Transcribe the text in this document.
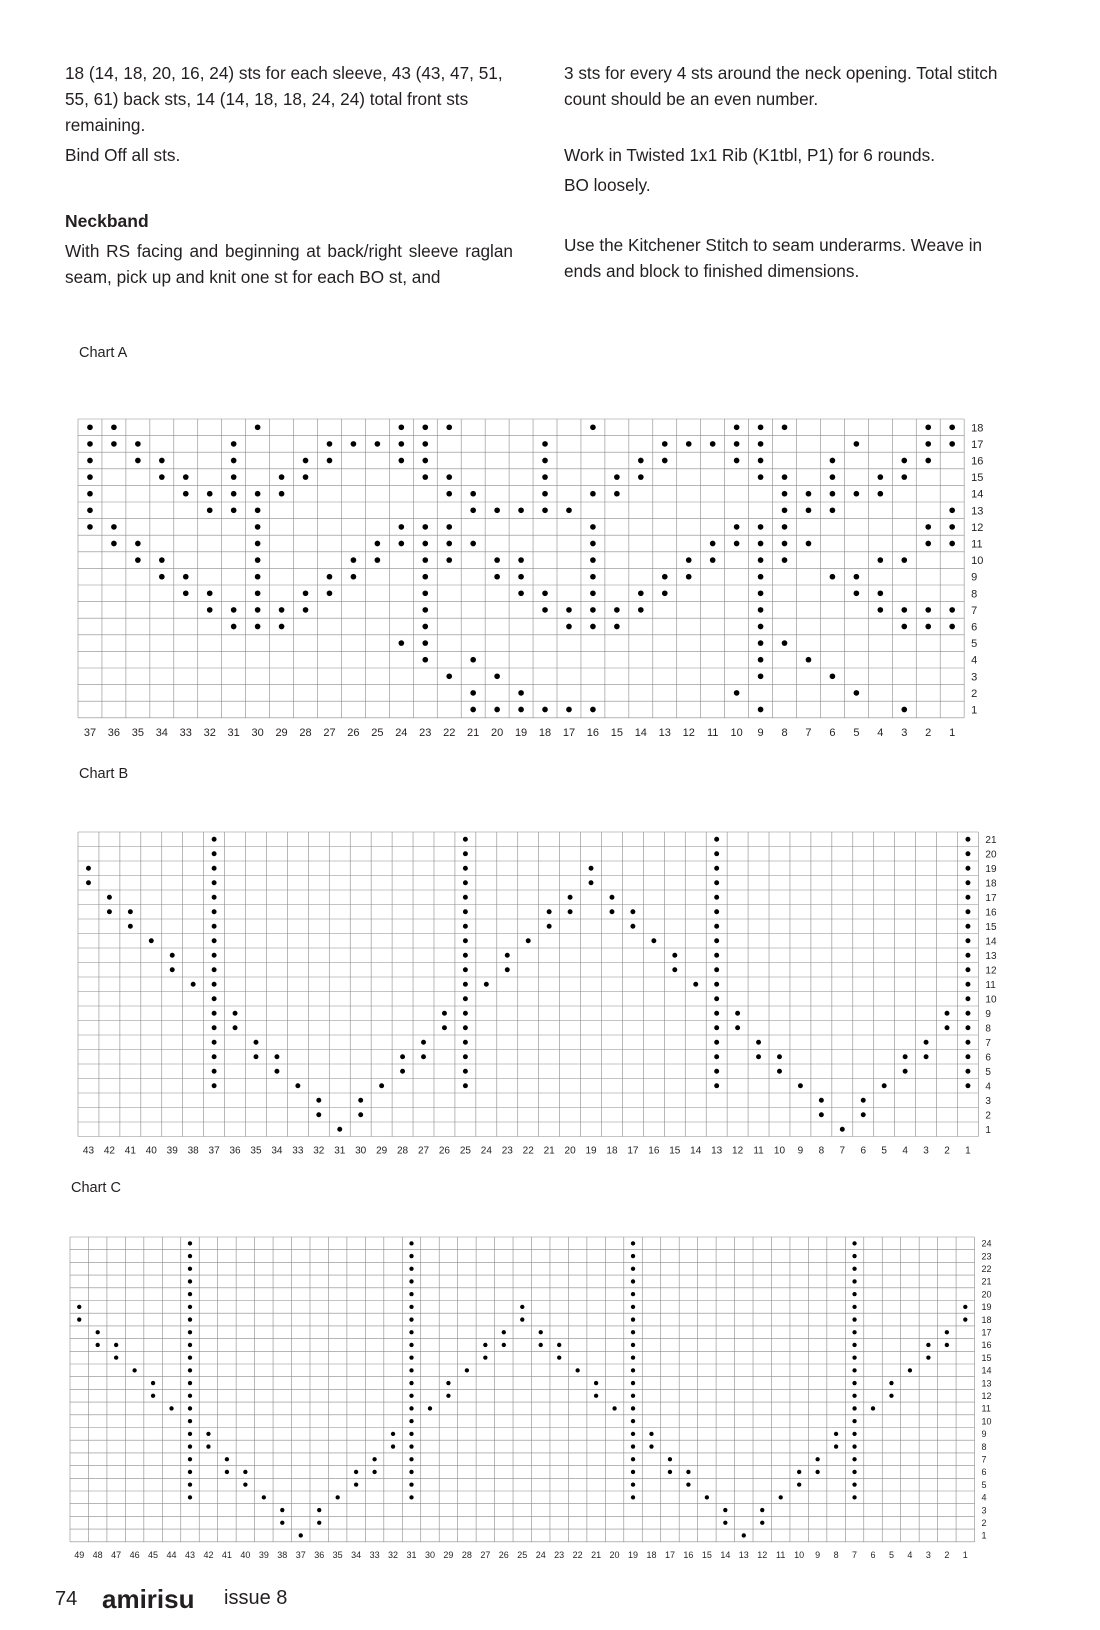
18 (14, 18, 20, 16, 24) sts for each sleeve, 43 (43, 47, 51, 55, 61) back sts, 14 (14, 18, 18, 24, 24) total front sts remaining.

Bind Off all sts.

Neckband

With RS facing and beginning at back/right sleeve raglan seam, pick up and knit one st for each BO st, and

3 sts for every 4 sts around the neck opening. Total stitch count should be an even number.

Work in Twisted 1x1 Rib (K1tbl, P1) for 6 rounds.

BO loosely.

Use the Kitchener Stitch to seam underarms. Weave in ends and block to finished dimensions.

Chart A
Chart B
Chart C
37 36 35 34 33 32 31 30 29 28 27 26 25 24 23 22 21 20 19 18 17 16 15 14 13 12 11 10 9 8 7 6 5 4 3 2 1
18
17
16
15
14
13
12
11
10
9
8
7
6
5
4
3
2
1
43 42 41 40 39 38 37 36 35 34 33 32 31 30 29 28 27 26 25 24 23 22 21 20 19 18 17 16 15 14 13 12 11 10 9 8 7 6 5 4 3 2 1
21
20
19
18
17
16
15
14
13
12
11
10
9
8
7
6
5
4
3
2
1
49 48 47 46 45 44 43 42 41 40 39 38 37 36 35 34 33 32 31 30 29 28 27 26 25 24 23 22 21 20 19 18 17 16 15 14 13 12 11 10 9 8 7 6 5 4 3 2 1
24
23
22
21
20
19
18
17
16
15
14
13
12
11
10
9
8
7
6
5
4
3
2
1
74 amirisu issue 8
